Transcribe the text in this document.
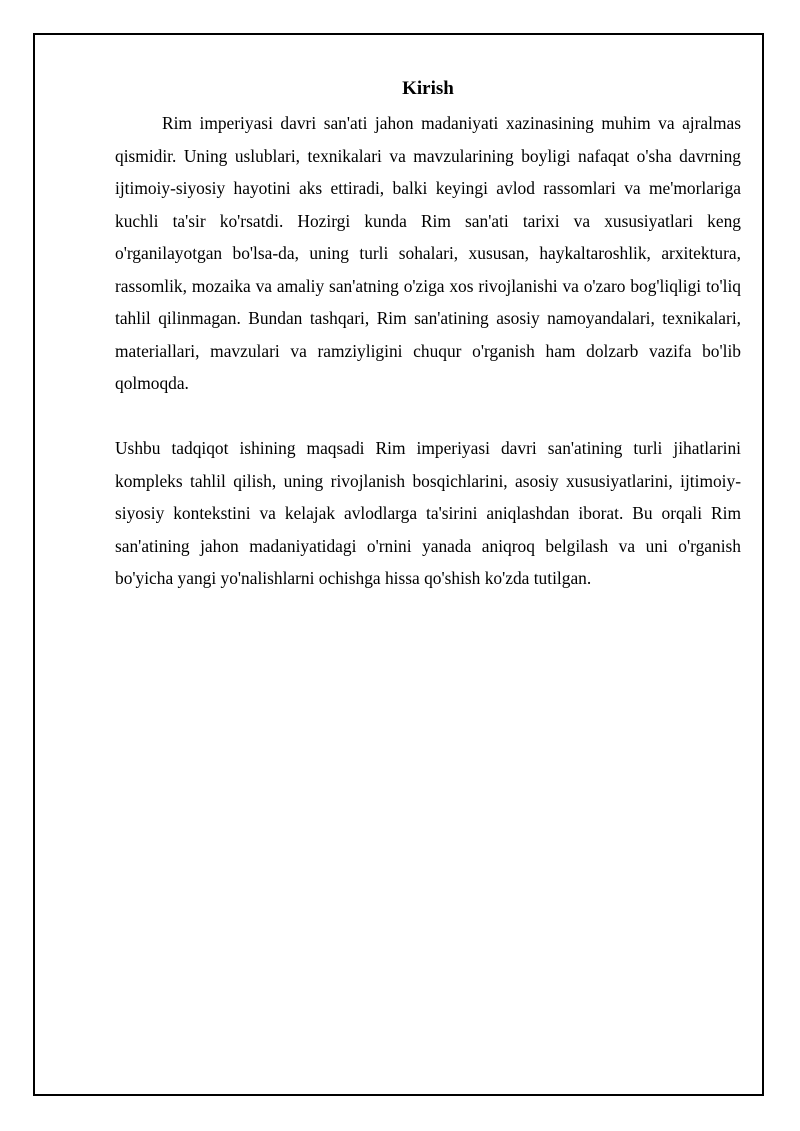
Kirish

Rim imperiyasi davri san'ati jahon madaniyati xazinasining muhim va ajralmas qismidir. Uning uslublari, texnikalari va mavzularining boyligi nafaqat o'sha davrning ijtimoiy-siyosiy hayotini aks ettiradi, balki keyingi avlod rassomlari va me'morlariga kuchli ta'sir ko'rsatdi. Hozirgi kunda Rim san'ati tarixi va xususiyatlari keng o'rganilayotgan bo'lsa-da, uning turli sohalari, xususan, haykaltaroshlik, arxitektura, rassomlik, mozaika va amaliy san'atning o'ziga xos rivojlanishi va o'zaro bog'liqligi to'liq tahlil qilinmagan. Bundan tashqari, Rim san'atining asosiy namoyandalari, texnikalari, materiallari, mavzulari va ramziyligini chuqur o'rganish ham dolzarb vazifa bo'lib qolmoqda.

Ushbu tadqiqot ishining maqsadi Rim imperiyasi davri san'atining turli jihatlarini kompleks tahlil qilish, uning rivojlanish bosqichlarini, asosiy xususiyatlarini, ijtimoiy-siyosiy kontekstini va kelajak avlodlarga ta'sirini aniqlashdan iborat. Bu orqali Rim san'atining jahon madaniyatidagi o'rnini yanada aniqroq belgilash va uni o'rganish bo'yicha yangi yo'nalishlarni ochishga hissa qo'shish ko'zda tutilgan.
